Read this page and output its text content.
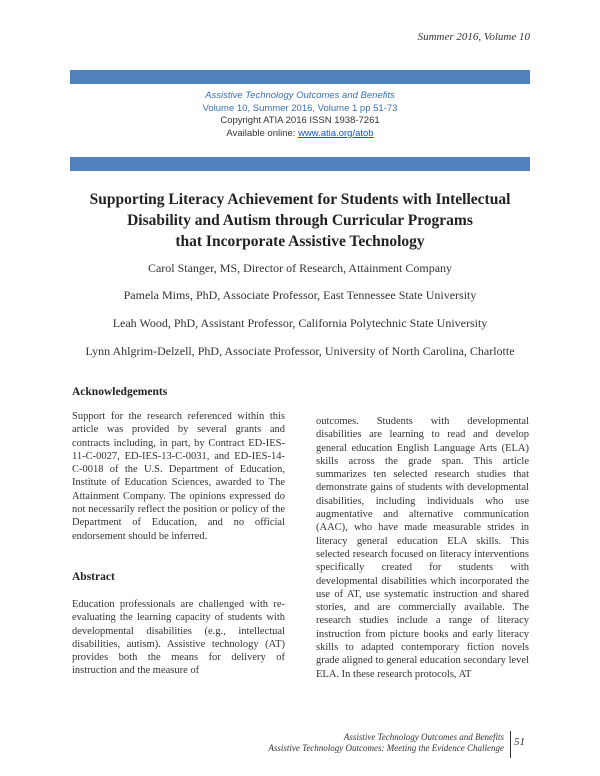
Summer 2016, Volume 10
Assistive Technology Outcomes and Benefits
Volume 10, Summer 2016, Volume 1 pp 51-73
Copyright ATIA 2016 ISSN 1938-7261
Available online: www.atia.org/atob
Supporting Literacy Achievement for Students with Intellectual
Disability and Autism through Curricular Programs
that Incorporate Assistive Technology
Carol Stanger, MS, Director of Research, Attainment Company
Pamela Mims, PhD, Associate Professor, East Tennessee State University
Leah Wood, PhD, Assistant Professor, California Polytechnic State University
Lynn Ahlgrim-Delzell, PhD, Associate Professor, University of North Carolina, Charlotte
Acknowledgements
Support for the research referenced within this article was provided by several grants and contracts including, in part, by Contract ED-IES-11-C-0027, ED-IES-13-C-0031, and ED-IES-14-C-0018 of the U.S. Department of Education, Institute of Education Sciences, awarded to The Attainment Company. The opinions expressed do not necessarily reflect the position or policy of the Department of Education, and no official endorsement should be inferred.
Abstract
Education professionals are challenged with re-evaluating the learning capacity of students with developmental disabilities (e.g., intellectual disabilities, autism). Assistive technology (AT) provides both the means for delivery of instruction and the measure of
outcomes. Students with developmental disabilities are learning to read and develop general education English Language Arts (ELA) skills across the grade span. This article summarizes ten selected research studies that demonstrate gains of students with developmental disabilities, including individuals who use augmentative and alternative communication (AAC), who have made measurable strides in literacy general education ELA skills. This selected research focused on literacy interventions specifically created for students with developmental disabilities which incorporated the use of AT, use systematic instruction and shared stories, and are commercially available. The research studies include a range of literacy instruction from picture books and early literacy skills to adapted contemporary fiction novels grade aligned to general education secondary level ELA. In these research protocols, AT
Assistive Technology Outcomes and Benefits
Assistive Technology Outcomes: Meeting the Evidence Challenge 51
